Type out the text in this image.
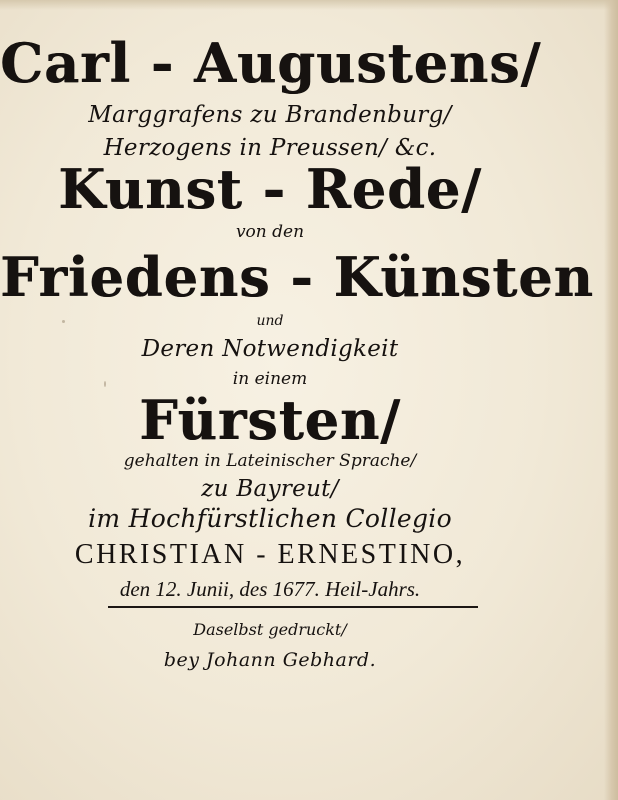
Carl - Augustens/
Marggrafens zu Brandenburg/
Herzogens in Preussen/ &c.
Kunst - Rede/
von den
Friedens - Künsten
und
Deren Notwendigkeit
in einem
Fürsten/
gehalten in Lateinischer Sprache/
zu Bayreut/
im Hochfürstlichen Collegio
CHRISTIAN - ERNESTINO,
den 12. Junii, des 1677. Heil-Jahrs.
Daselbst gedruckt/
bey Johann Gebhard.
